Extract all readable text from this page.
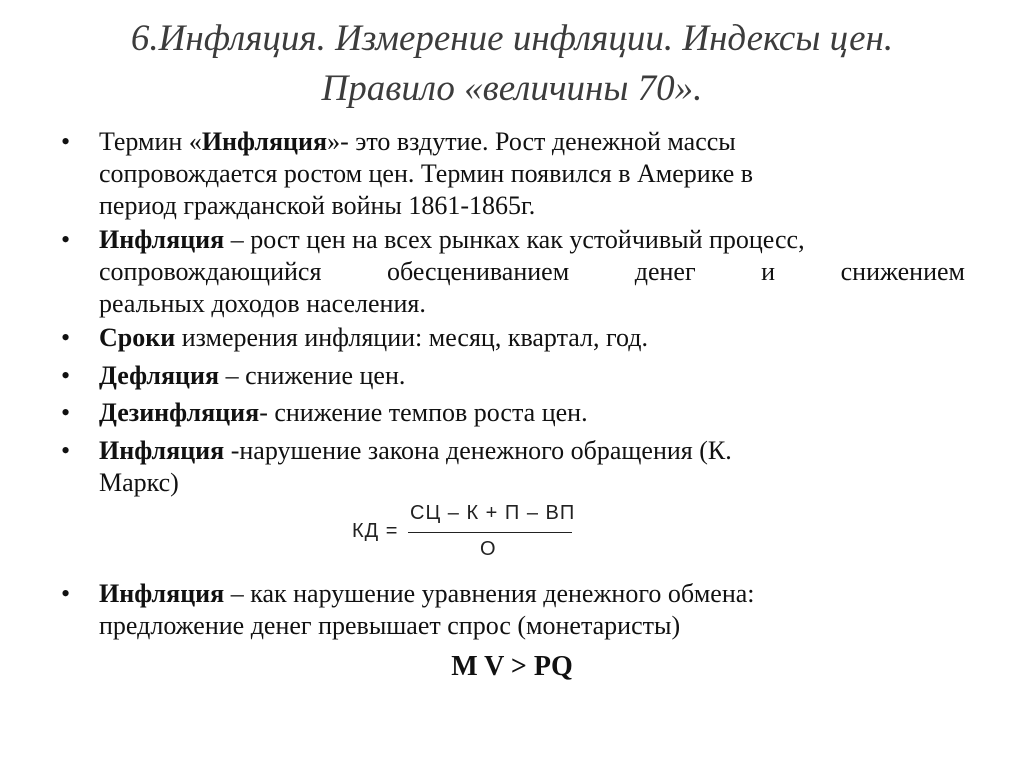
6.Инфляция. Измерение инфляции. Индексы цен.
Правило «величины 70».
• Термин «Инфляция»- это вздутие. Рост денежной массы
сопровождается ростом цен. Термин появился в Америке в
период гражданской войны 1861-1865г.
• Инфляция – рост цен на всех рынках как устойчивый процесс,
сопровождающийся обесцениванием денег и снижением
реальных доходов населения.
• Сроки измерения инфляции: месяц, квартал, год.
• Дефляция – снижение цен.
• Дезинфляция- снижение темпов роста цен.
• Инфляция -нарушение закона денежного обращения (К.
Маркс)
• Инфляция – как нарушение уравнения денежного обмена:
предложение денег превышает спрос (монетаристы)
КД =
СЦ – К + П – ВП
О
M V > PQ
